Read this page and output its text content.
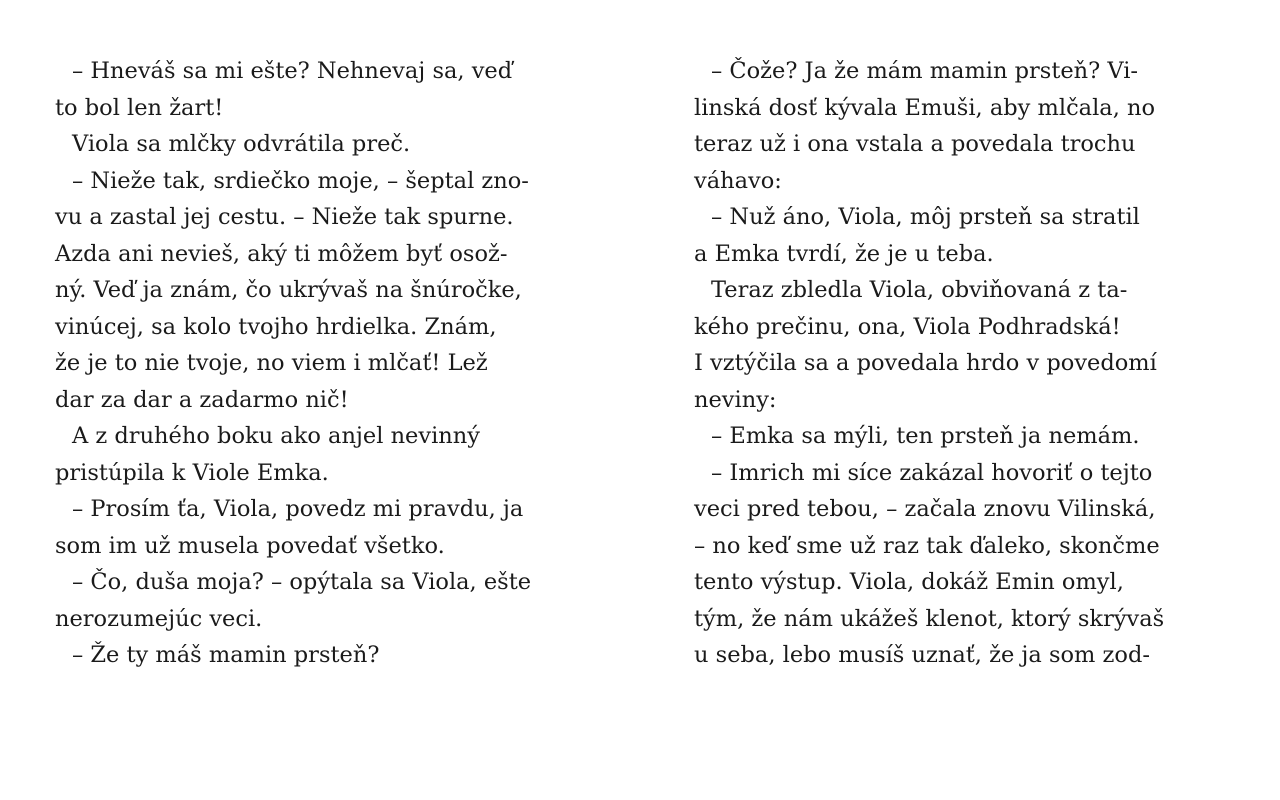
– Hneváš sa mi ešte? Nehnevaj sa, veď
to bol len žart!
Viola sa mlčky odvrátila preč.
– Nieže tak, srdiečko moje, – šeptal zno-
vu a zastal jej cestu. – Nieže tak spurne.
Azda ani nevieš, aký ti môžem byť osož-
ný. Veď ja znám, čo ukrývaš na šnúročke,
vinúcej, sa kolo tvojho hrdielka. Znám,
že je to nie tvoje, no viem i mlčať! Lež
dar za dar a zadarmo nič!
A z druhého boku ako anjel nevinný
pristúpila k Viole Emka.
– Prosím ťa, Viola, povedz mi pravdu, ja
som im už musela povedať všetko.
– Čo, duša moja? – opýtala sa Viola, ešte
nerozumejúc veci.
– Že ty máš mamin prsteň?
– Čože? Ja že mám mamin prsteň? Vi-
linská dosť kývala Emuši, aby mlčala, no
teraz už i ona vstala a povedala trochu
váhavo:
– Nuž áno, Viola, môj prsteň sa stratil
a Emka tvrdí, že je u teba.
Teraz zbledla Viola, obviňovaná z ta-
kého prečinu, ona, Viola Podhradská!
I vztýčila sa a povedala hrdo v povedomí
neviny:
– Emka sa mýli, ten prsteň ja nemám.
– Imrich mi síce zakázal hovoriť o tejto
veci pred tebou, – začala znovu Vilinská,
– no keď sme už raz tak ďaleko, skončme
tento výstup. Viola, dokáž Emin omyl,
tým, že nám ukážeš klenot, ktorý skrývaš
u seba, lebo musíš uznať, že ja som zod-
